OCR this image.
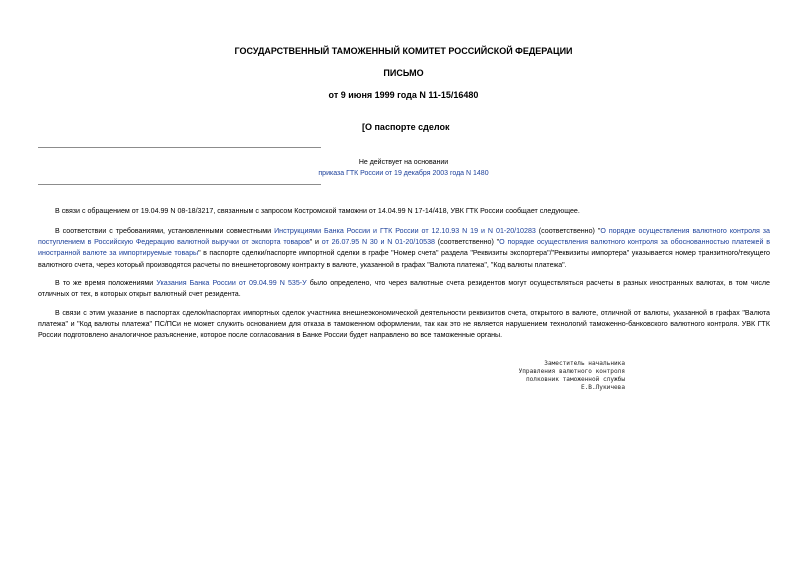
ГОСУДАРСТВЕННЫЙ ТАМОЖЕННЫЙ КОМИТЕТ РОССИЙСКОЙ ФЕДЕРАЦИИ
ПИСЬМО
от 9 июня 1999 года N 11-15/16480
[О паспорте сделок
Не действует на основании
приказа ГТК России от 19 декабря 2003 года N 1480
В связи с обращением от 19.04.99 N 08-18/3217, связанным с запросом Костромской таможни от 14.04.99 N 17-14/418, УВК ГТК России сообщает следующее.
В соответствии с требованиями, установленными совместными Инструкциями Банка России и ГТК России от 12.10.93 N 19 и N 01-20/10283 (соответственно) "О порядке осуществления валютного контроля за поступлением в Российскую Федерацию валютной выручки от экспорта товаров" и от 26.07.95 N 30 и N 01-20/10538 (соответственно) "О порядке осуществления валютного контроля за обоснованностью платежей в иностранной валюте за импортируемые товары" в паспорте сделки/паспорте импортной сделки в графе "Номер счета" раздела "Реквизиты экспортера"/"Реквизиты импортера" указывается номер транзитного/текущего валютного счета, через который производятся расчеты по внешнеторговому контракту в валюте, указанной в графах "Валюта платежа", "Код валюты платежа".
В то же время положениями Указания Банка России от 09.04.99 N 535-У было определено, что через валютные счета резидентов могут осуществляться расчеты в разных иностранных валютах, в том числе отличных от тех, в которых открыт валютный счет резидента.
В связи с этим указание в паспортах сделок/паспортах импортных сделок участника внешнеэкономической деятельности реквизитов счета, открытого в валюте, отличной от валюты, указанной в графах "Валюта платежа" и "Код валюты платежа" ПС/ПСи не может служить основанием для отказа в таможенном оформлении, так как это не является нарушением технологий таможенно-банковского валютного контроля. УВК ГТК России подготовлено аналогичное разъяснение, которое после согласования в Банке России будет направлено во все таможенные органы.
Заместитель начальника
Управления валютного контроля
полковник таможенной службы
Е.В.Лукичева
